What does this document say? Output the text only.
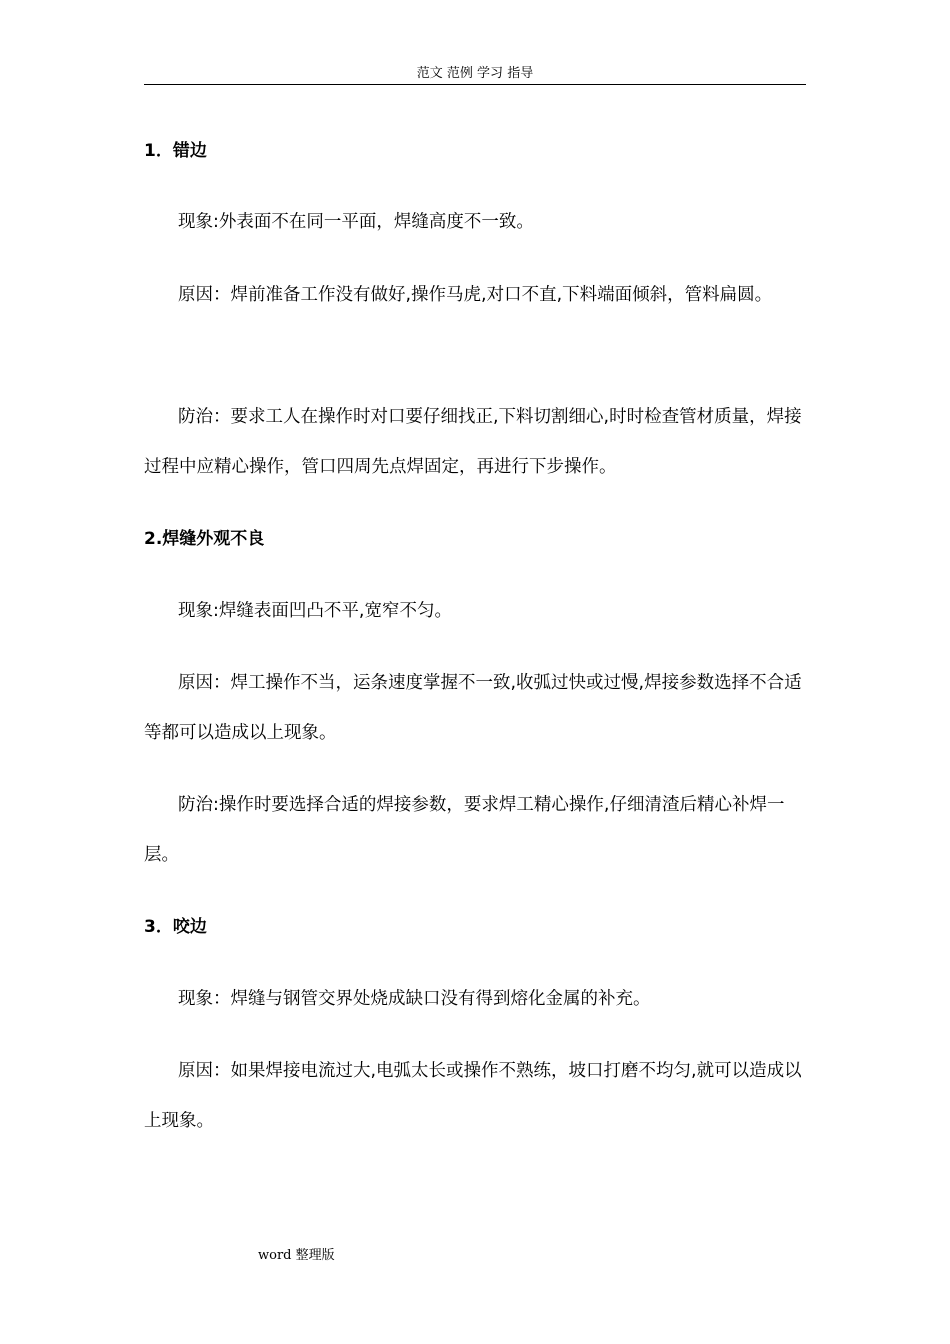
范文 范例 学习 指导
1．错边

现象:外表面不在同一平面，焊缝高度不一致。

原因：焊前准备工作没有做好,操作马虎,对口不直,下料端面倾斜，管料扁圆。

防治：要求工人在操作时对口要仔细找正,下料切割细心,时时检查管材质量，焊接过程中应精心操作，管口四周先点焊固定，再进行下步操作。

2.焊缝外观不良

现象:焊缝表面凹凸不平,宽窄不匀。

原因：焊工操作不当，运条速度掌握不一致,收弧过快或过慢,焊接参数选择不合适等都可以造成以上现象。

防治:操作时要选择合适的焊接参数，要求焊工精心操作,仔细清渣后精心补焊一层。

3．咬边

现象：焊缝与钢管交界处烧成缺口没有得到熔化金属的补充。

原因：如果焊接电流过大,电弧太长或操作不熟练，坡口打磨不均匀,就可以造成以上现象。

word 整理版
